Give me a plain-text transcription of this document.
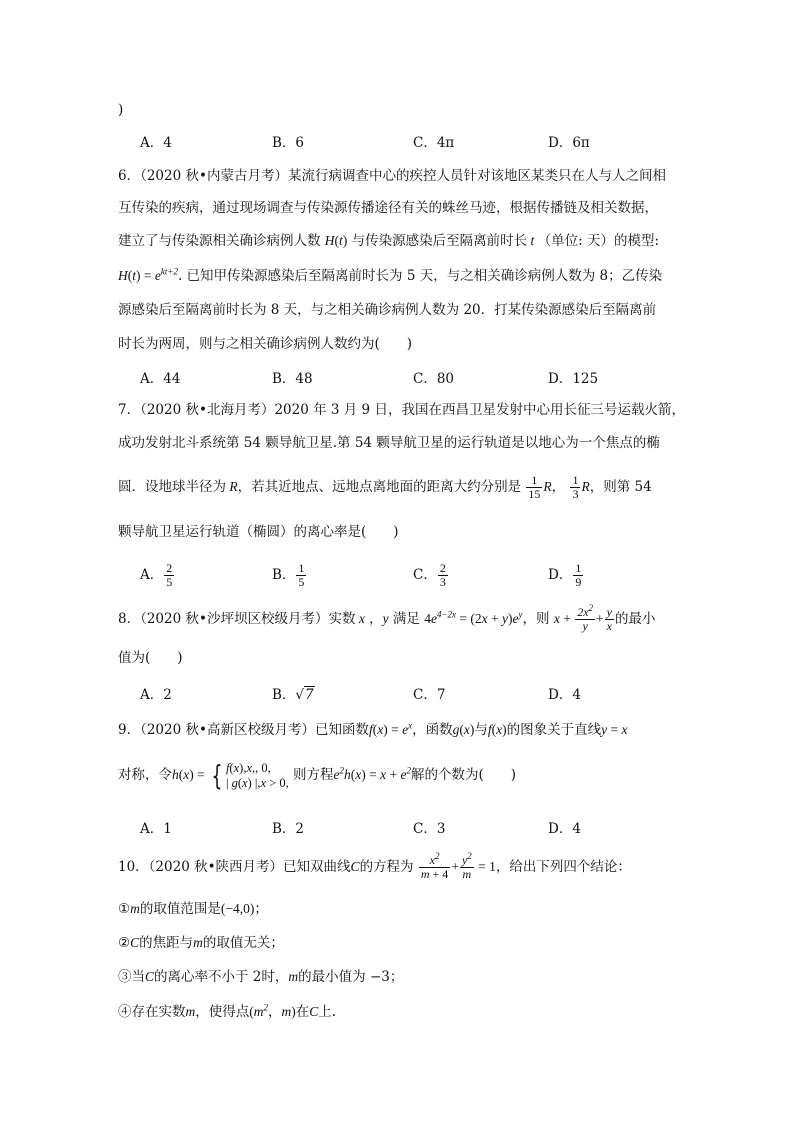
)
A．4	B．6	C．4π	D．6π
6．（2020 秋•内蒙古月考）某流行病调查中心的疾控人员针对该地区某类只在人与人之间相
互传染的疾病，通过现场调查与传染源传播途径有关的蛛丝马迹，根据传播链及相关数据，
建立了与传染源相关确诊病例人数 H(t) 与传染源感染后至隔离前时长 t （单位: 天）的模型:
$H(t) = e^{kt+2}$. 已知甲传染源感染后至隔离前时长为 5 天，与之相关确诊病例人数为 8；乙传染
源感染后至隔离前时长为 8 天，与之相关确诊病例人数为 20．打某传染源感染后至隔离前
时长为两周，则与之相关确诊病例人数约为(　　)
A．44	B．48	C．80	D．125
7．（2020 秋•北海月考）2020 年 3 月 9 日，我国在西昌卫星发射中心用长征三号运载火箭，
成功发射北斗系统第 54 颗导航卫星.第 54 颗导航卫星的运行轨道是以地心为一个焦点的椭
圆．设地球半径为 R，若其近地点、远地点离地面的距离大约分别是 $\frac{1}{15}$ R， $\frac{1}{3}$ R，则第 54
颗导航卫星运行轨道（椭圆）的离心率是(　　)
A． $\frac{2}{5}$	B． $\frac{1}{5}$	C． $\frac{2}{3}$	D． $\frac{1}{9}$
8．（2020 秋•沙坪坝区校级月考）实数 x ，y 满足 $4e^{4-2x} = (2x + y)e^y$，则 $x + \frac{2x^2}{y} + \frac{y}{x}$ 的最小
值为(　　)
A．2	B．√7	C．7	D．4
9．（2020 秋•高新区校级月考）已知函数$f(x) = e^x$，函数g(x)与f(x)的图象关于直线y = x
对称，令h(x) = { f(x),x,, 0,
| g(x) |,x > 0, 则方程$e^2h(x) = x + e^2$解的个数为(　　)
A．1	B．2	C．3	D．4
10．（2020 秋•陕西月考）已知双曲线C的方程为 $\frac{x^2}{m + 4} + \frac{y^2}{m} = 1$，给出下列四个结论：
①m的取值范围是(−4,0)；
②C的焦距与m的取值无关；
③当C的离心率不小于 2时，m的最小值为 −3；
④存在实数m，使得点($m^2$，m)在C上.
